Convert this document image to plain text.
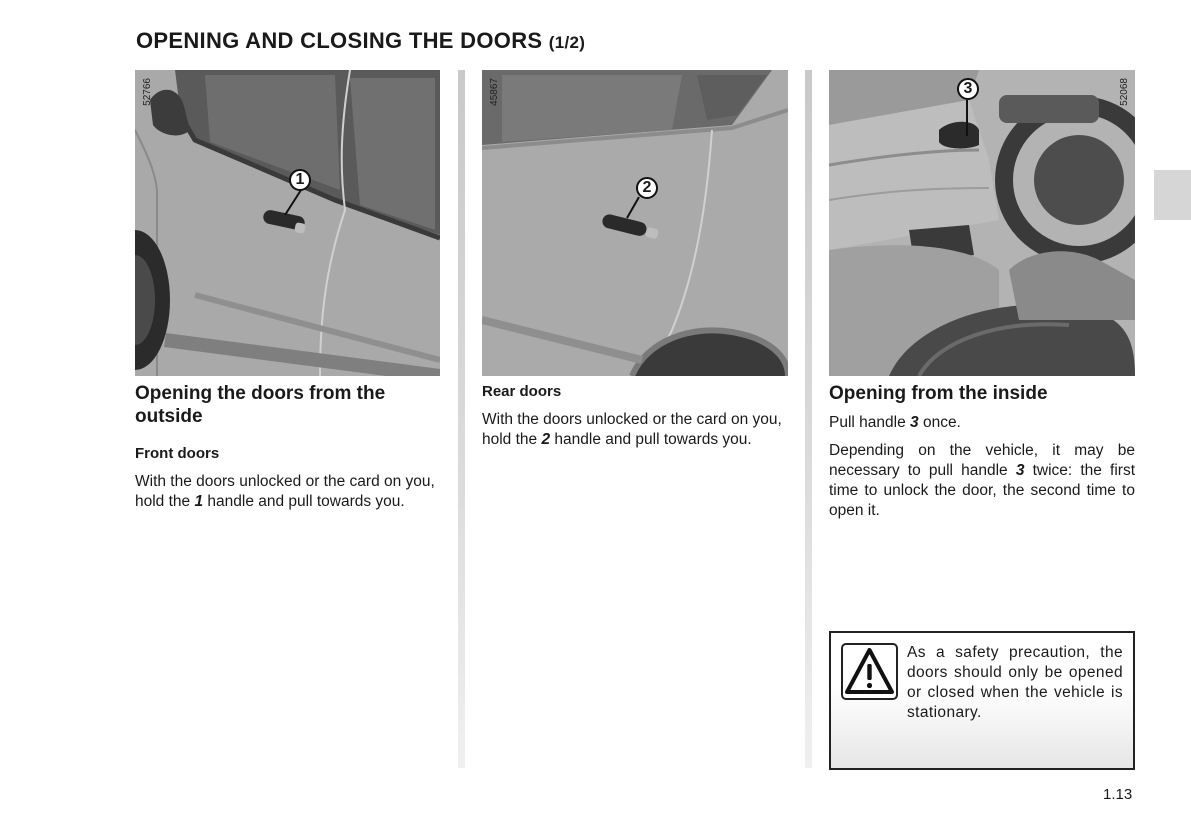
OPENING AND CLOSING THE DOORS (1/2)
52766
1
45867
2
52068
3
Opening the doors from the outside
Front doors

With the doors unlocked or the card on you, hold the 1 handle and pull towards you.

Rear doors

With the doors unlocked or the card on you, hold the 2 handle and pull towards you.

Opening from the inside

Pull handle 3 once.

Depending on the vehicle, it may be necessary to pull handle 3 twice: the first time to unlock the door, the second time to open it.

As a safety precaution, the doors should only be opened or closed when the vehicle is stationary.
1.13
